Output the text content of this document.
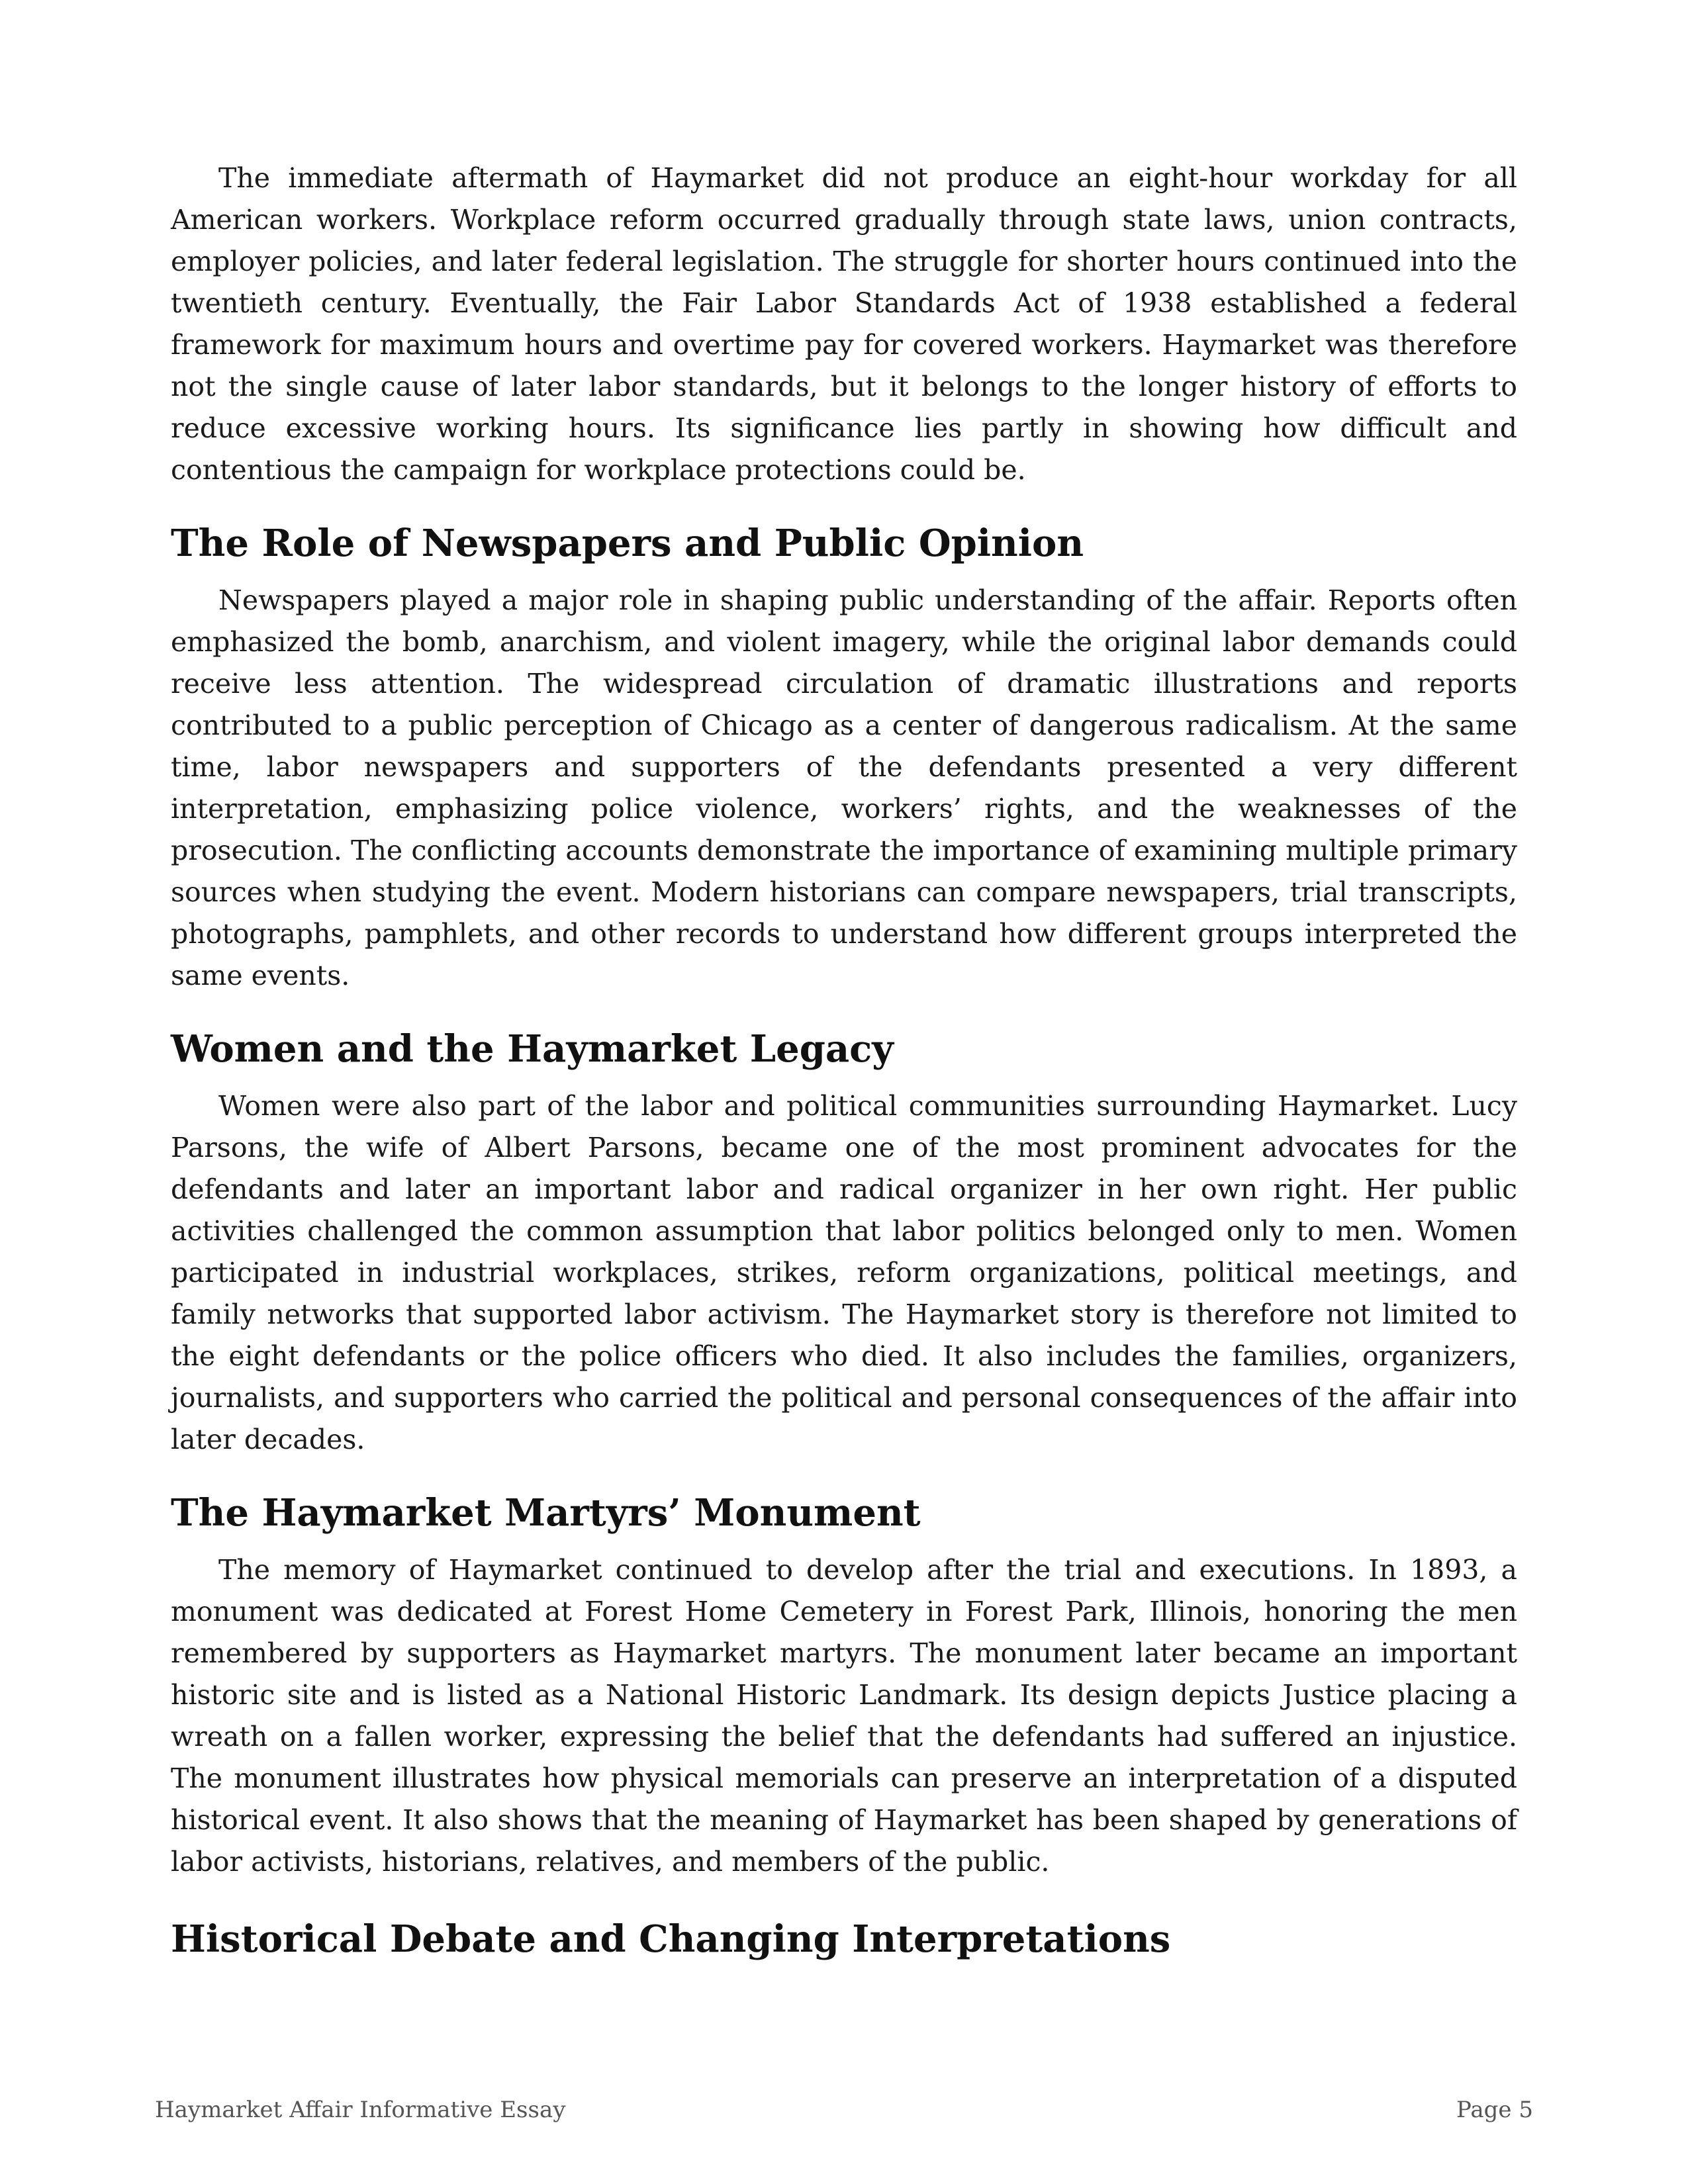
The immediate aftermath of Haymarket did not produce an eight-hour workday for all American workers. Workplace reform occurred gradually through state laws, union contracts, employer policies, and later federal legislation. The struggle for shorter hours continued into the twentieth century. Eventually, the Fair Labor Standards Act of 1938 established a federal framework for maximum hours and overtime pay for covered workers. Haymarket was therefore not the single cause of later labor standards, but it belongs to the longer history of efforts to reduce excessive working hours. Its significance lies partly in showing how difficult and contentious the campaign for workplace protections could be.

The Role of Newspapers and Public Opinion

Newspapers played a major role in shaping public understanding of the affair. Reports often emphasized the bomb, anarchism, and violent imagery, while the original labor demands could receive less attention. The widespread circulation of dramatic illustrations and reports contributed to a public perception of Chicago as a center of dangerous radicalism. At the same time, labor newspapers and supporters of the defendants presented a very different interpretation, emphasizing police violence, workers’ rights, and the weaknesses of the prosecution. The conflicting accounts demonstrate the importance of examining multiple primary sources when studying the event. Modern historians can compare newspapers, trial transcripts, photographs, pamphlets, and other records to understand how different groups interpreted the same events.

Women and the Haymarket Legacy

Women were also part of the labor and political communities surrounding Haymarket. Lucy Parsons, the wife of Albert Parsons, became one of the most prominent advocates for the defendants and later an important labor and radical organizer in her own right. Her public activities challenged the common assumption that labor politics belonged only to men. Women participated in industrial workplaces, strikes, reform organizations, political meetings, and family networks that supported labor activism. The Haymarket story is therefore not limited to the eight defendants or the police officers who died. It also includes the families, organizers, journalists, and supporters who carried the political and personal consequences of the affair into later decades.

The Haymarket Martyrs’ Monument

The memory of Haymarket continued to develop after the trial and executions. In 1893, a monument was dedicated at Forest Home Cemetery in Forest Park, Illinois, honoring the men remembered by supporters as Haymarket martyrs. The monument later became an important historic site and is listed as a National Historic Landmark. Its design depicts Justice placing a wreath on a fallen worker, expressing the belief that the defendants had suffered an injustice. The monument illustrates how physical memorials can preserve an interpretation of a disputed historical event. It also shows that the meaning of Haymarket has been shaped by generations of labor activists, historians, relatives, and members of the public.

Historical Debate and Changing Interpretations
Haymarket Affair Informative Essay	Page 5
